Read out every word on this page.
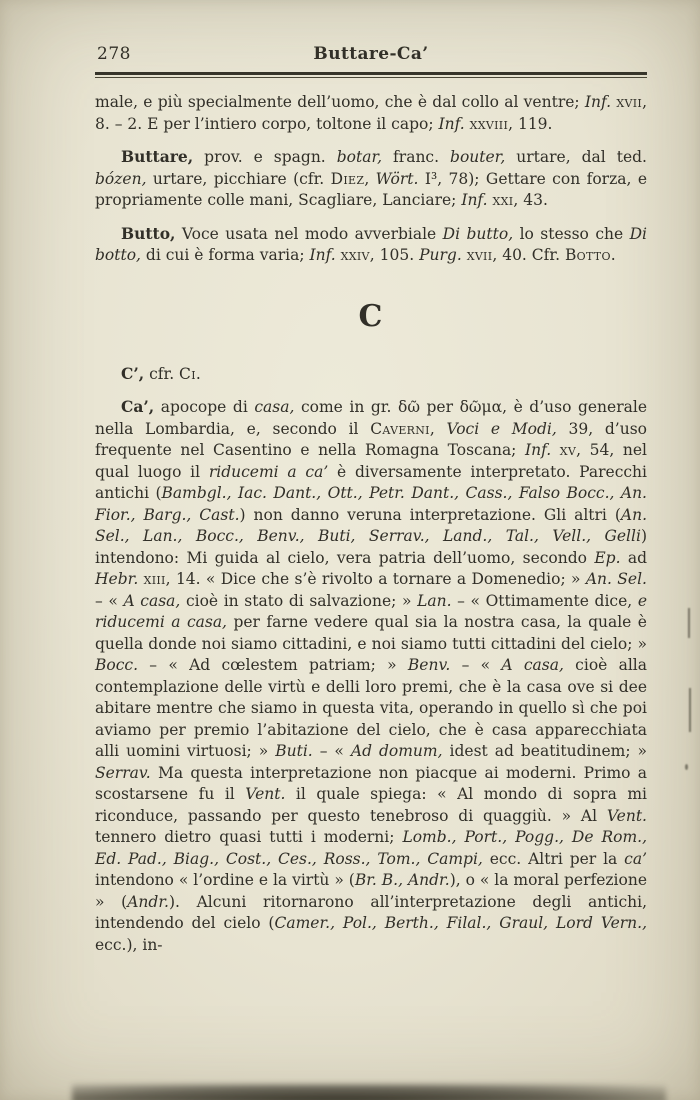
278	Buttare-Ca’

male, e più specialmente dell’uomo, che è dal collo al ventre; Inf. xvii, 8. – 2. E per l’intiero corpo, toltone il capo; Inf. xxviii, 119.

Buttare, prov. e spagn. botar, franc. bouter, urtare, dal ted. bózen, urtare, picchiare (cfr. Diez, Wört. I³, 78); Gettare con forza, e propriamente colle mani, Scagliare, Lanciare; Inf. xxi, 43.

Butto, Voce usata nel modo avverbiale Di butto, lo stesso che Di botto, di cui è forma varia; Inf. xxiv, 105. Purg. xvii, 40. Cfr. Botto.

C

C’, cfr. Ci.

Ca’, apocope di casa, come in gr. δῶ per δῶμα, è d’uso generale nella Lombardia, e, secondo il Caverni, Voci e Modi, 39, d’uso frequente nel Casentino e nella Romagna Toscana; Inf. xv, 54, nel qual luogo il riducemi a ca’ è diversamente interpretato. Parecchi antichi (Bambgl., Iac. Dant., Ott., Petr. Dant., Cass., Falso Bocc., An. Fior., Barg., Cast.) non danno veruna interpretazione. Gli altri (An. Sel., Lan., Bocc., Benv., Buti, Serrav., Land., Tal., Vell., Gelli) intendono: Mi guida al cielo, vera patria dell’uomo, secondo Ep. ad Hebr. xiii, 14. « Dice che s’è rivolto a tornare a Domenedio; » An. Sel. – « A casa, cioè in stato di salvazione; » Lan. – « Ottimamente dice, e riducemi a casa, per farne vedere qual sia la nostra casa, la quale è quella donde noi siamo cittadini, e noi siamo tutti cittadini del cielo; » Bocc. – « Ad cœlestem patriam; » Benv. – « A casa, cioè alla contemplazione delle virtù e delli loro premi, che è la casa ove si dee abitare mentre che siamo in questa vita, operando in quello sì che poi aviamo per premio l’abitazione del cielo, che è casa apparecchiata alli uomini virtuosi; » Buti. – « Ad domum, idest ad beatitudinem; » Serrav. Ma questa interpretazione non piacque ai moderni. Primo a scostarsene fu il Vent. il quale spiega: « Al mondo di sopra mi riconduce, passando per questo tenebroso di quaggiù. » Al Vent. tennero dietro quasi tutti i moderni; Lomb., Port., Pogg., De Rom., Ed. Pad., Biag., Cost., Ces., Ross., Tom., Campi, ecc. Altri per la ca’ intendono « l’ordine e la virtù » (Br. B., Andr.), o « la moral perfezione » (Andr.). Alcuni ritornarono all’interpretazione degli antichi, intendendo del cielo (Camer., Pol., Berth., Filal., Graul, Lord Vern., ecc.), in-
